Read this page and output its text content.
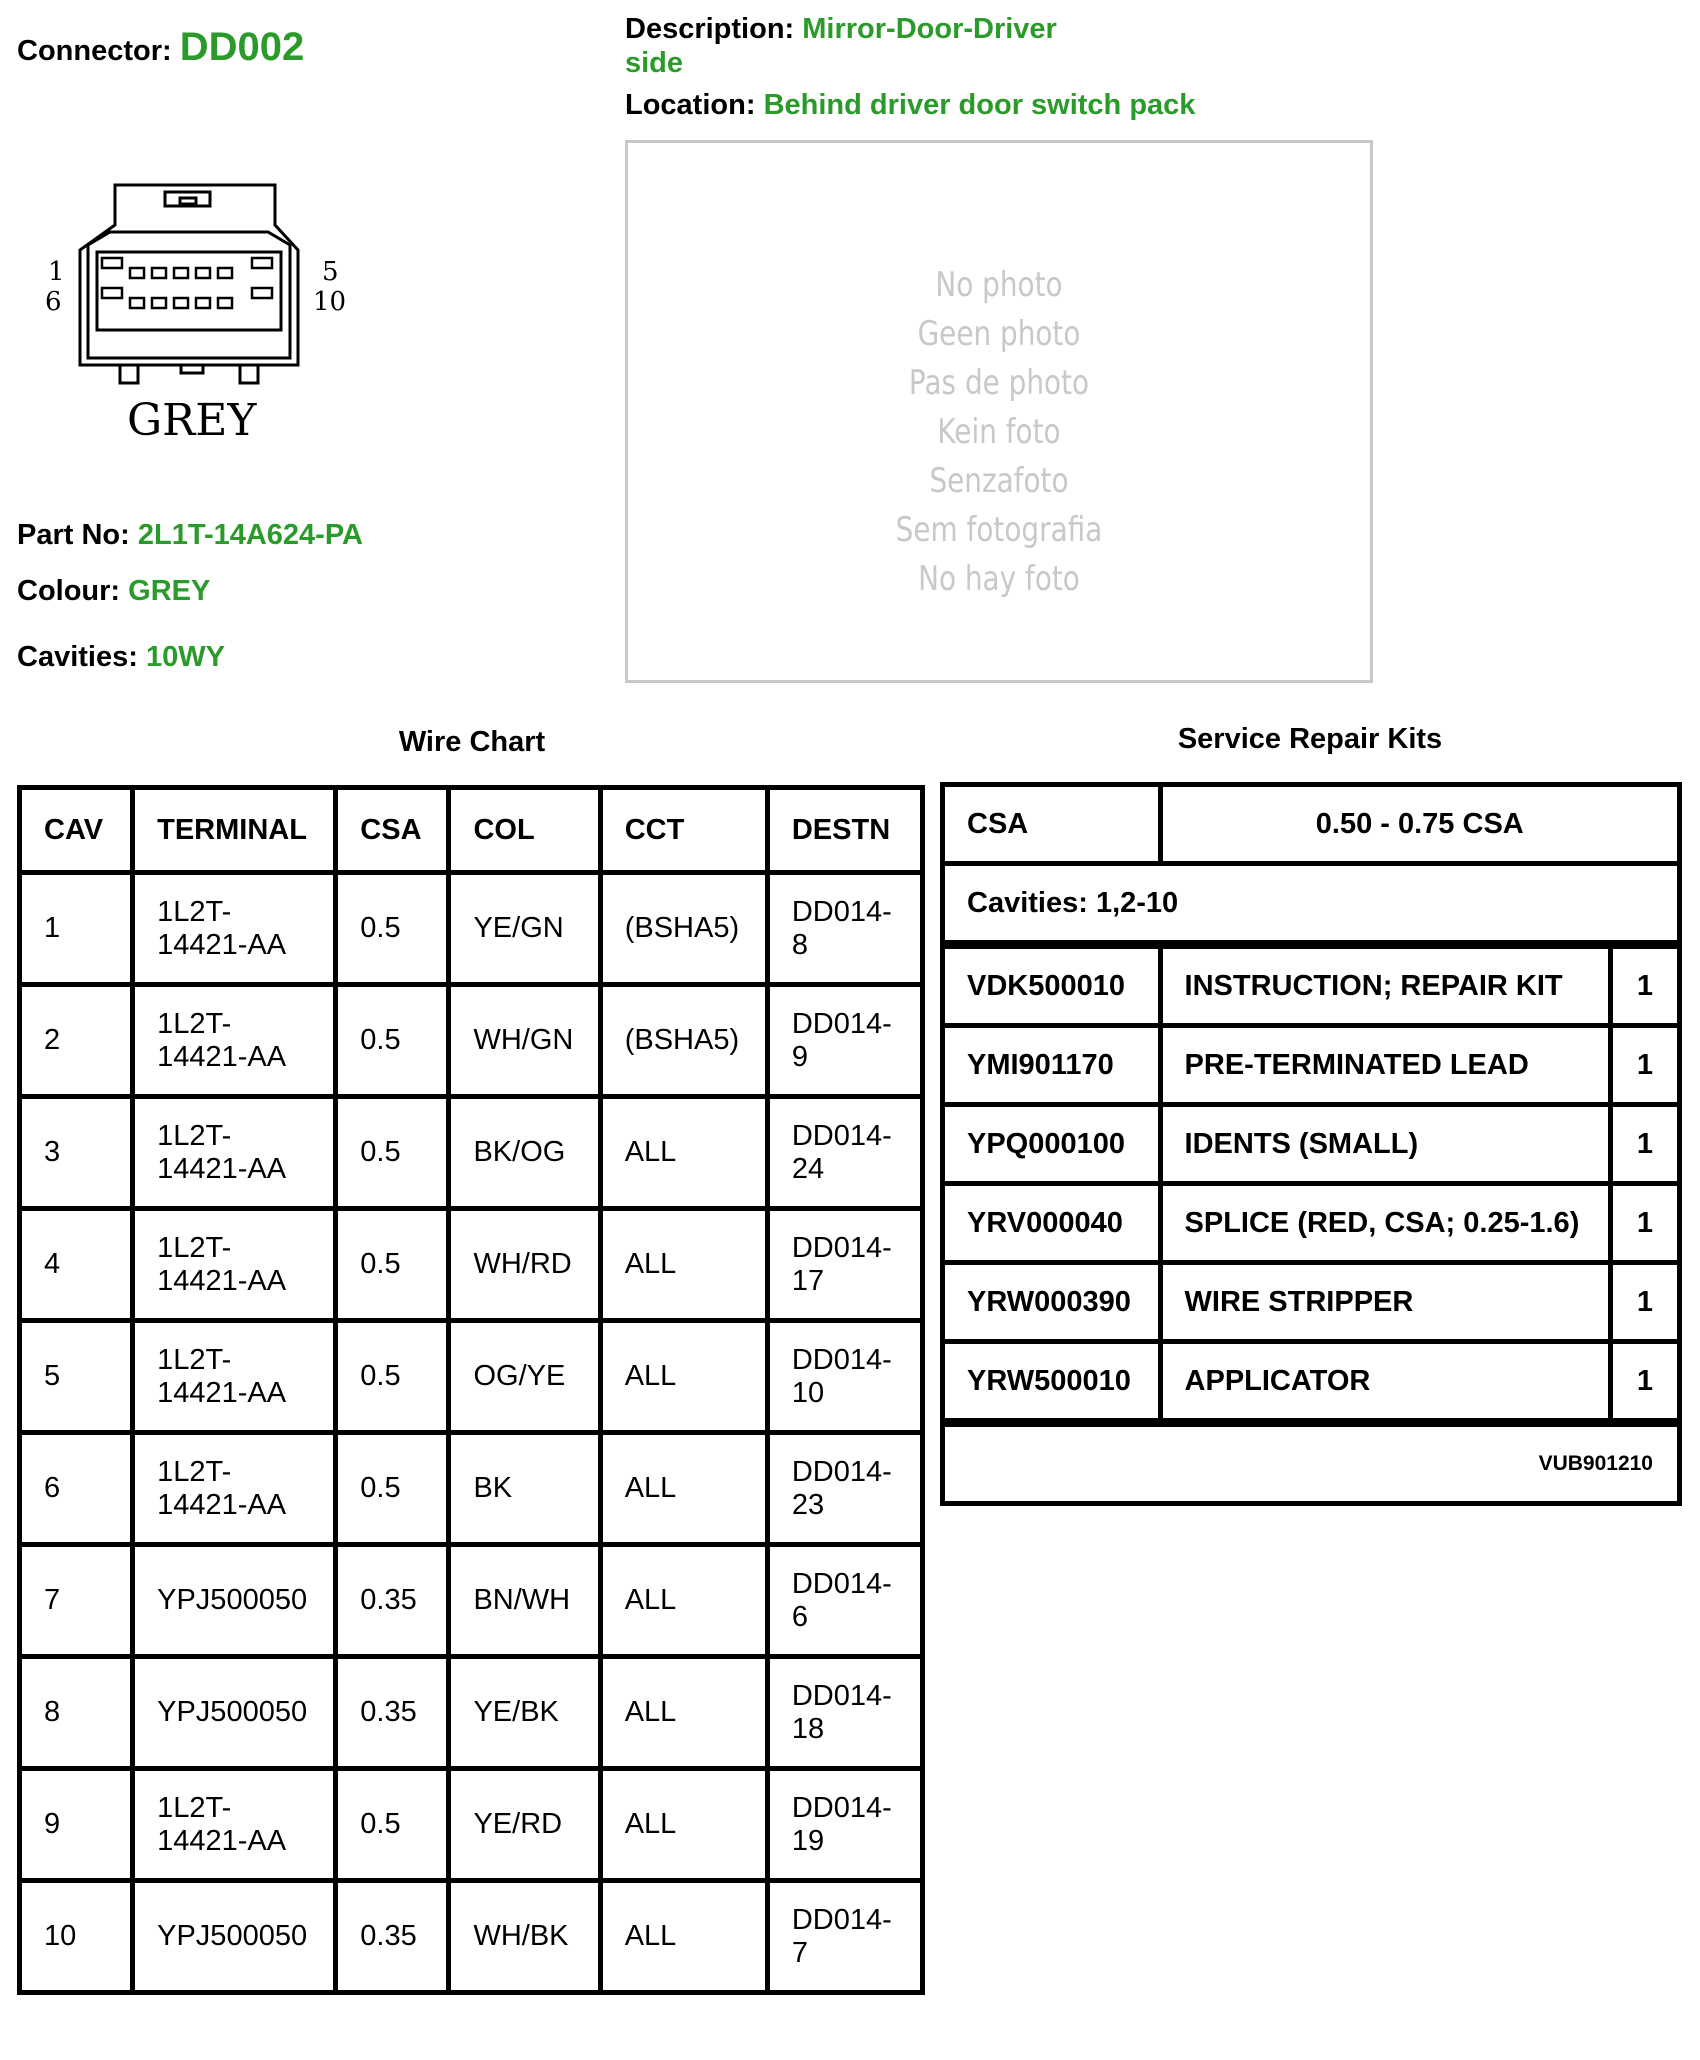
Connector: DD002	Description: Mirror-Door-Driver
side
Location: Behind driver door switch pack
1
6
5
10
GREY
No photo
Geen photo
Pas de photo
Kein foto
Senzafoto
Sem fotografia
No hay foto
Part No: 2L1T-14A624-PA
Colour: GREY
Cavities: 10WY
Wire Chart	Service Repair Kits
CAV	TERMINAL	CSA	COL	CCT	DESTN
1	1L2T-
14421-AA	0.5	YE/GN	(BSHA5)	DD014-
8
2	1L2T-
14421-AA	0.5	WH/GN	(BSHA5)	DD014-
9
3	1L2T-
14421-AA	0.5	BK/OG	ALL	DD014-
24
4	1L2T-
14421-AA	0.5	WH/RD	ALL	DD014-
17
5	1L2T-
14421-AA	0.5	OG/YE	ALL	DD014-
10
6	1L2T-
14421-AA	0.5	BK	ALL	DD014-
23
7	YPJ500050	0.35	BN/WH	ALL	DD014-
6
8	YPJ500050	0.35	YE/BK	ALL	DD014-
18
9	1L2T-
14421-AA	0.5	YE/RD	ALL	DD014-
19
10	YPJ500050	0.35	WH/BK	ALL	DD014-
7
CSA	0.50 - 0.75 CSA	
Cavities: 1,2-10		
VDK500010	INSTRUCTION; REPAIR KIT	1
YMI901170	PRE-TERMINATED LEAD	1
YPQ000100	IDENTS (SMALL)	1
YRV000040	SPLICE (RED, CSA; 0.25-1.6)	1
YRW000390	WIRE STRIPPER	1
YRW500010	APPLICATOR	1
VUB901210		
